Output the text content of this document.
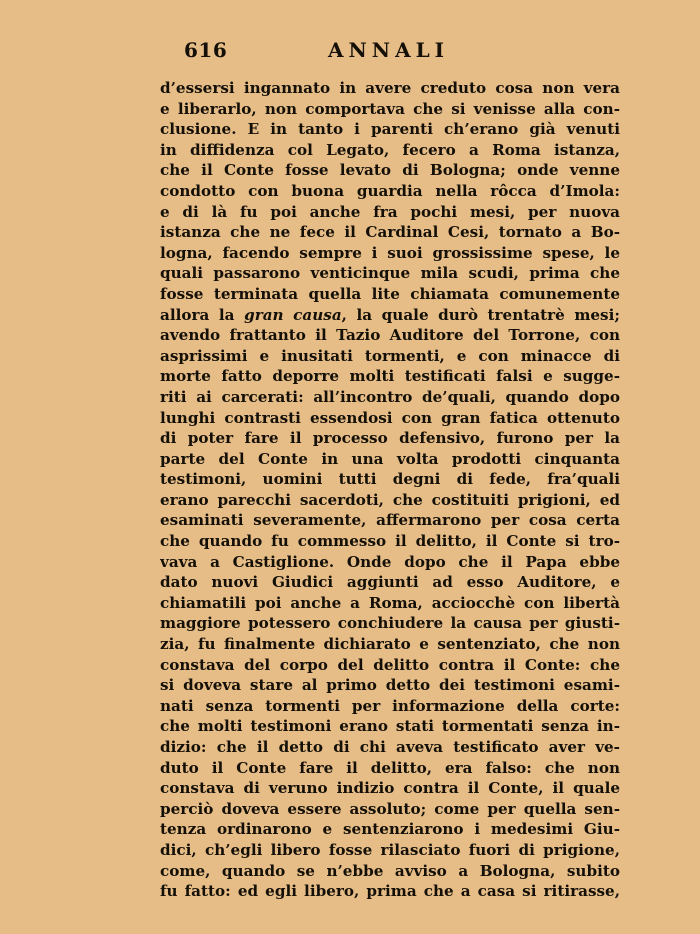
616	ANNALI
d’essersi ingannato in avere creduto cosa non vera
e liberarlo, non comportava che si venisse alla con-
clusione. E in tanto i parenti ch’erano già venuti
in diffidenza col Legato, fecero a Roma istanza,
che il Conte fosse levato di Bologna; onde venne
condotto con buona guardia nella rôcca d’Imola:
e di là fu poi anche fra pochi mesi, per nuova
istanza che ne fece il Cardinal Cesi, tornato a Bo-
logna, facendo sempre i suoi grossissime spese, le
quali passarono venticinque mila scudi, prima che
fosse terminata quella lite chiamata comunemente
allora la gran causa, la quale durò trentatrè mesi;
avendo frattanto il Tazio Auditore del Torrone, con
asprissimi e inusitati tormenti, e con minacce di
morte fatto deporre molti testificati falsi e sugge-
riti ai carcerati: all’incontro de’quali, quando dopo
lunghi contrasti essendosi con gran fatica ottenuto
di poter fare il processo defensivo, furono per la
parte del Conte in una volta prodotti cinquanta
testimoni, uomini tutti degni di fede, fra’quali
erano parecchi sacerdoti, che costituiti prigioni, ed
esaminati severamente, affermarono per cosa certa
che quando fu commesso il delitto, il Conte si tro-
vava a Castiglione. Onde dopo che il Papa ebbe
dato nuovi Giudici aggiunti ad esso Auditore, e
chiamatili poi anche a Roma, acciocchè con libertà
maggiore potessero conchiudere la causa per giusti-
zia, fu finalmente dichiarato e sentenziato, che non
constava del corpo del delitto contra il Conte: che
si doveva stare al primo detto dei testimoni esami-
nati senza tormenti per informazione della corte:
che molti testimoni erano stati tormentati senza in-
dizio: che il detto di chi aveva testificato aver ve-
duto il Conte fare il delitto, era falso: che non
constava di veruno indizio contra il Conte, il quale
perciò doveva essere assoluto; come per quella sen-
tenza ordinarono e sentenziarono i medesimi Giu-
dici, ch’egli libero fosse rilasciato fuori di prigione,
come, quando se n’ebbe avviso a Bologna, subito
fu fatto: ed egli libero, prima che a casa si ritirasse,
